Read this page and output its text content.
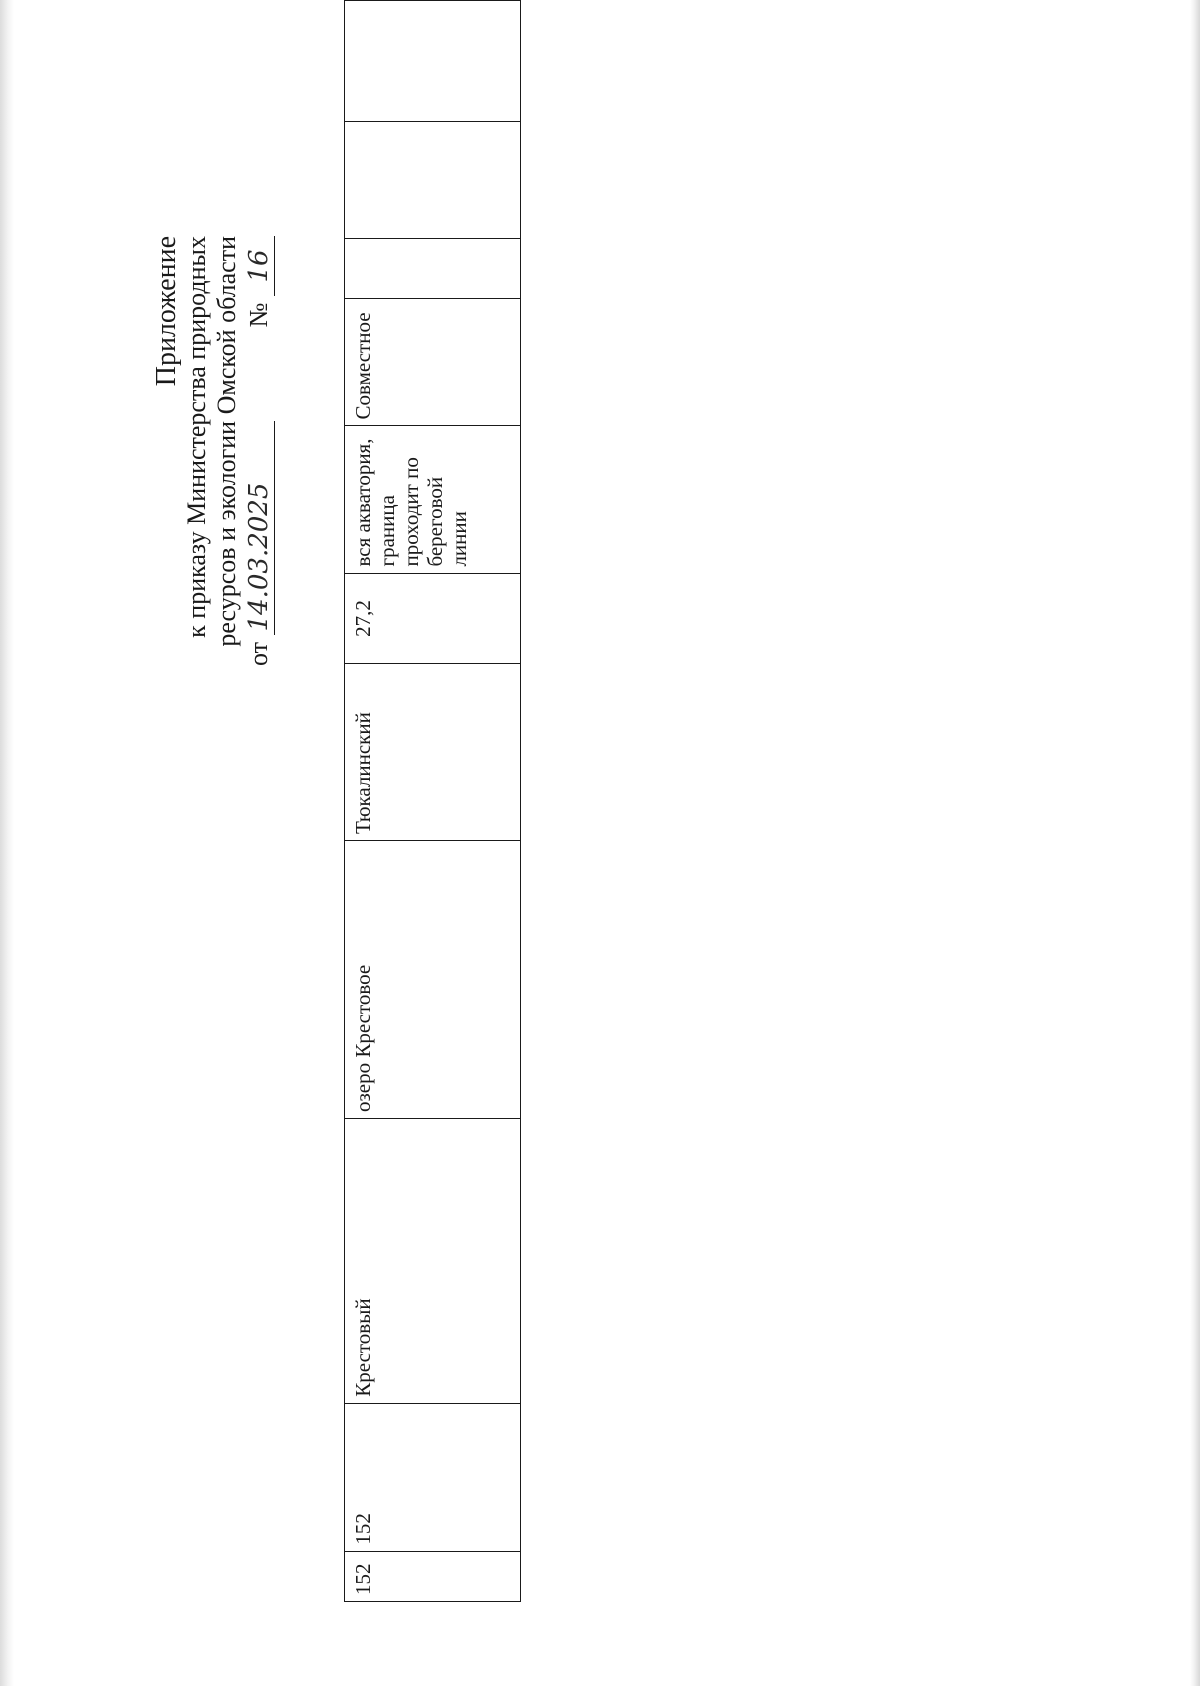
Приложение к приказу Министерства природных ресурсов и экологии Омской области
от 14.03.2025
№ 16
152	152	Крестовый	озеро Крестовое	Тюкалинский	27,2	вся акватория, граница проходит по береговой линии	Совместное			
